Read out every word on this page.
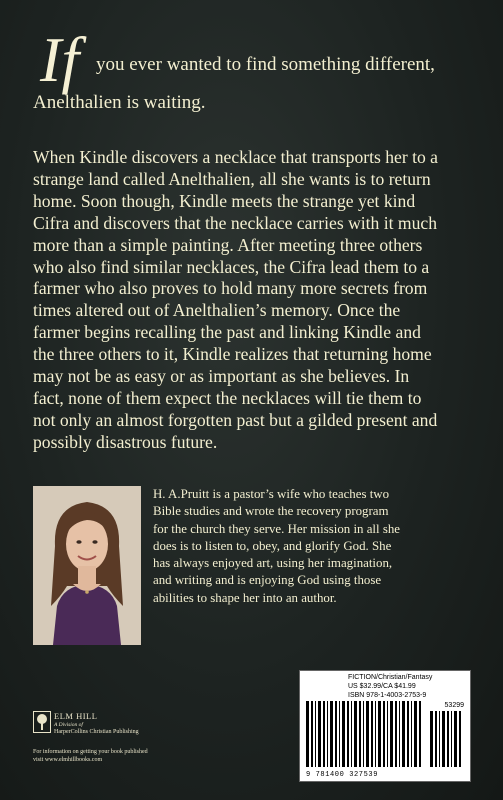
If you ever wanted to find something different,
Anelthalien is waiting.

When Kindle discovers a necklace that transports her to a
strange land called Anelthalien, all she wants is to return
home. Soon though, Kindle meets the strange yet kind
Cifra and discovers that the necklace carries with it much
more than a simple painting. After meeting three others
who also find similar necklaces, the Cifra lead them to a
farmer who also proves to hold many more secrets from
times altered out of Anelthalien’s memory. Once the
farmer begins recalling the past and linking Kindle and
the three others to it, Kindle realizes that returning home
may not be as easy or as important as she believes. In
fact, none of them expect the necklaces will tie them to
not only an almost forgotten past but a gilded present and
possibly disastrous future.

H. A.Pruitt is a pastor’s wife who teaches two
Bible studies and wrote the recovery program
for the church they serve. Her mission in all she
does is to listen to, obey, and glorify God. She
has always enjoyed art, using her imagination,
and writing and is enjoying God using those
abilities to shape her into an author.

ELM HILL
A Division of
HarperCollins Christian Publishing
For information on getting your book published
visit www.elmhillbooks.com
FICTION/Christian/Fantasy
US $32.99/CA $41.99
ISBN 978-1-4003-2753-9
53299
9 781400 327539
